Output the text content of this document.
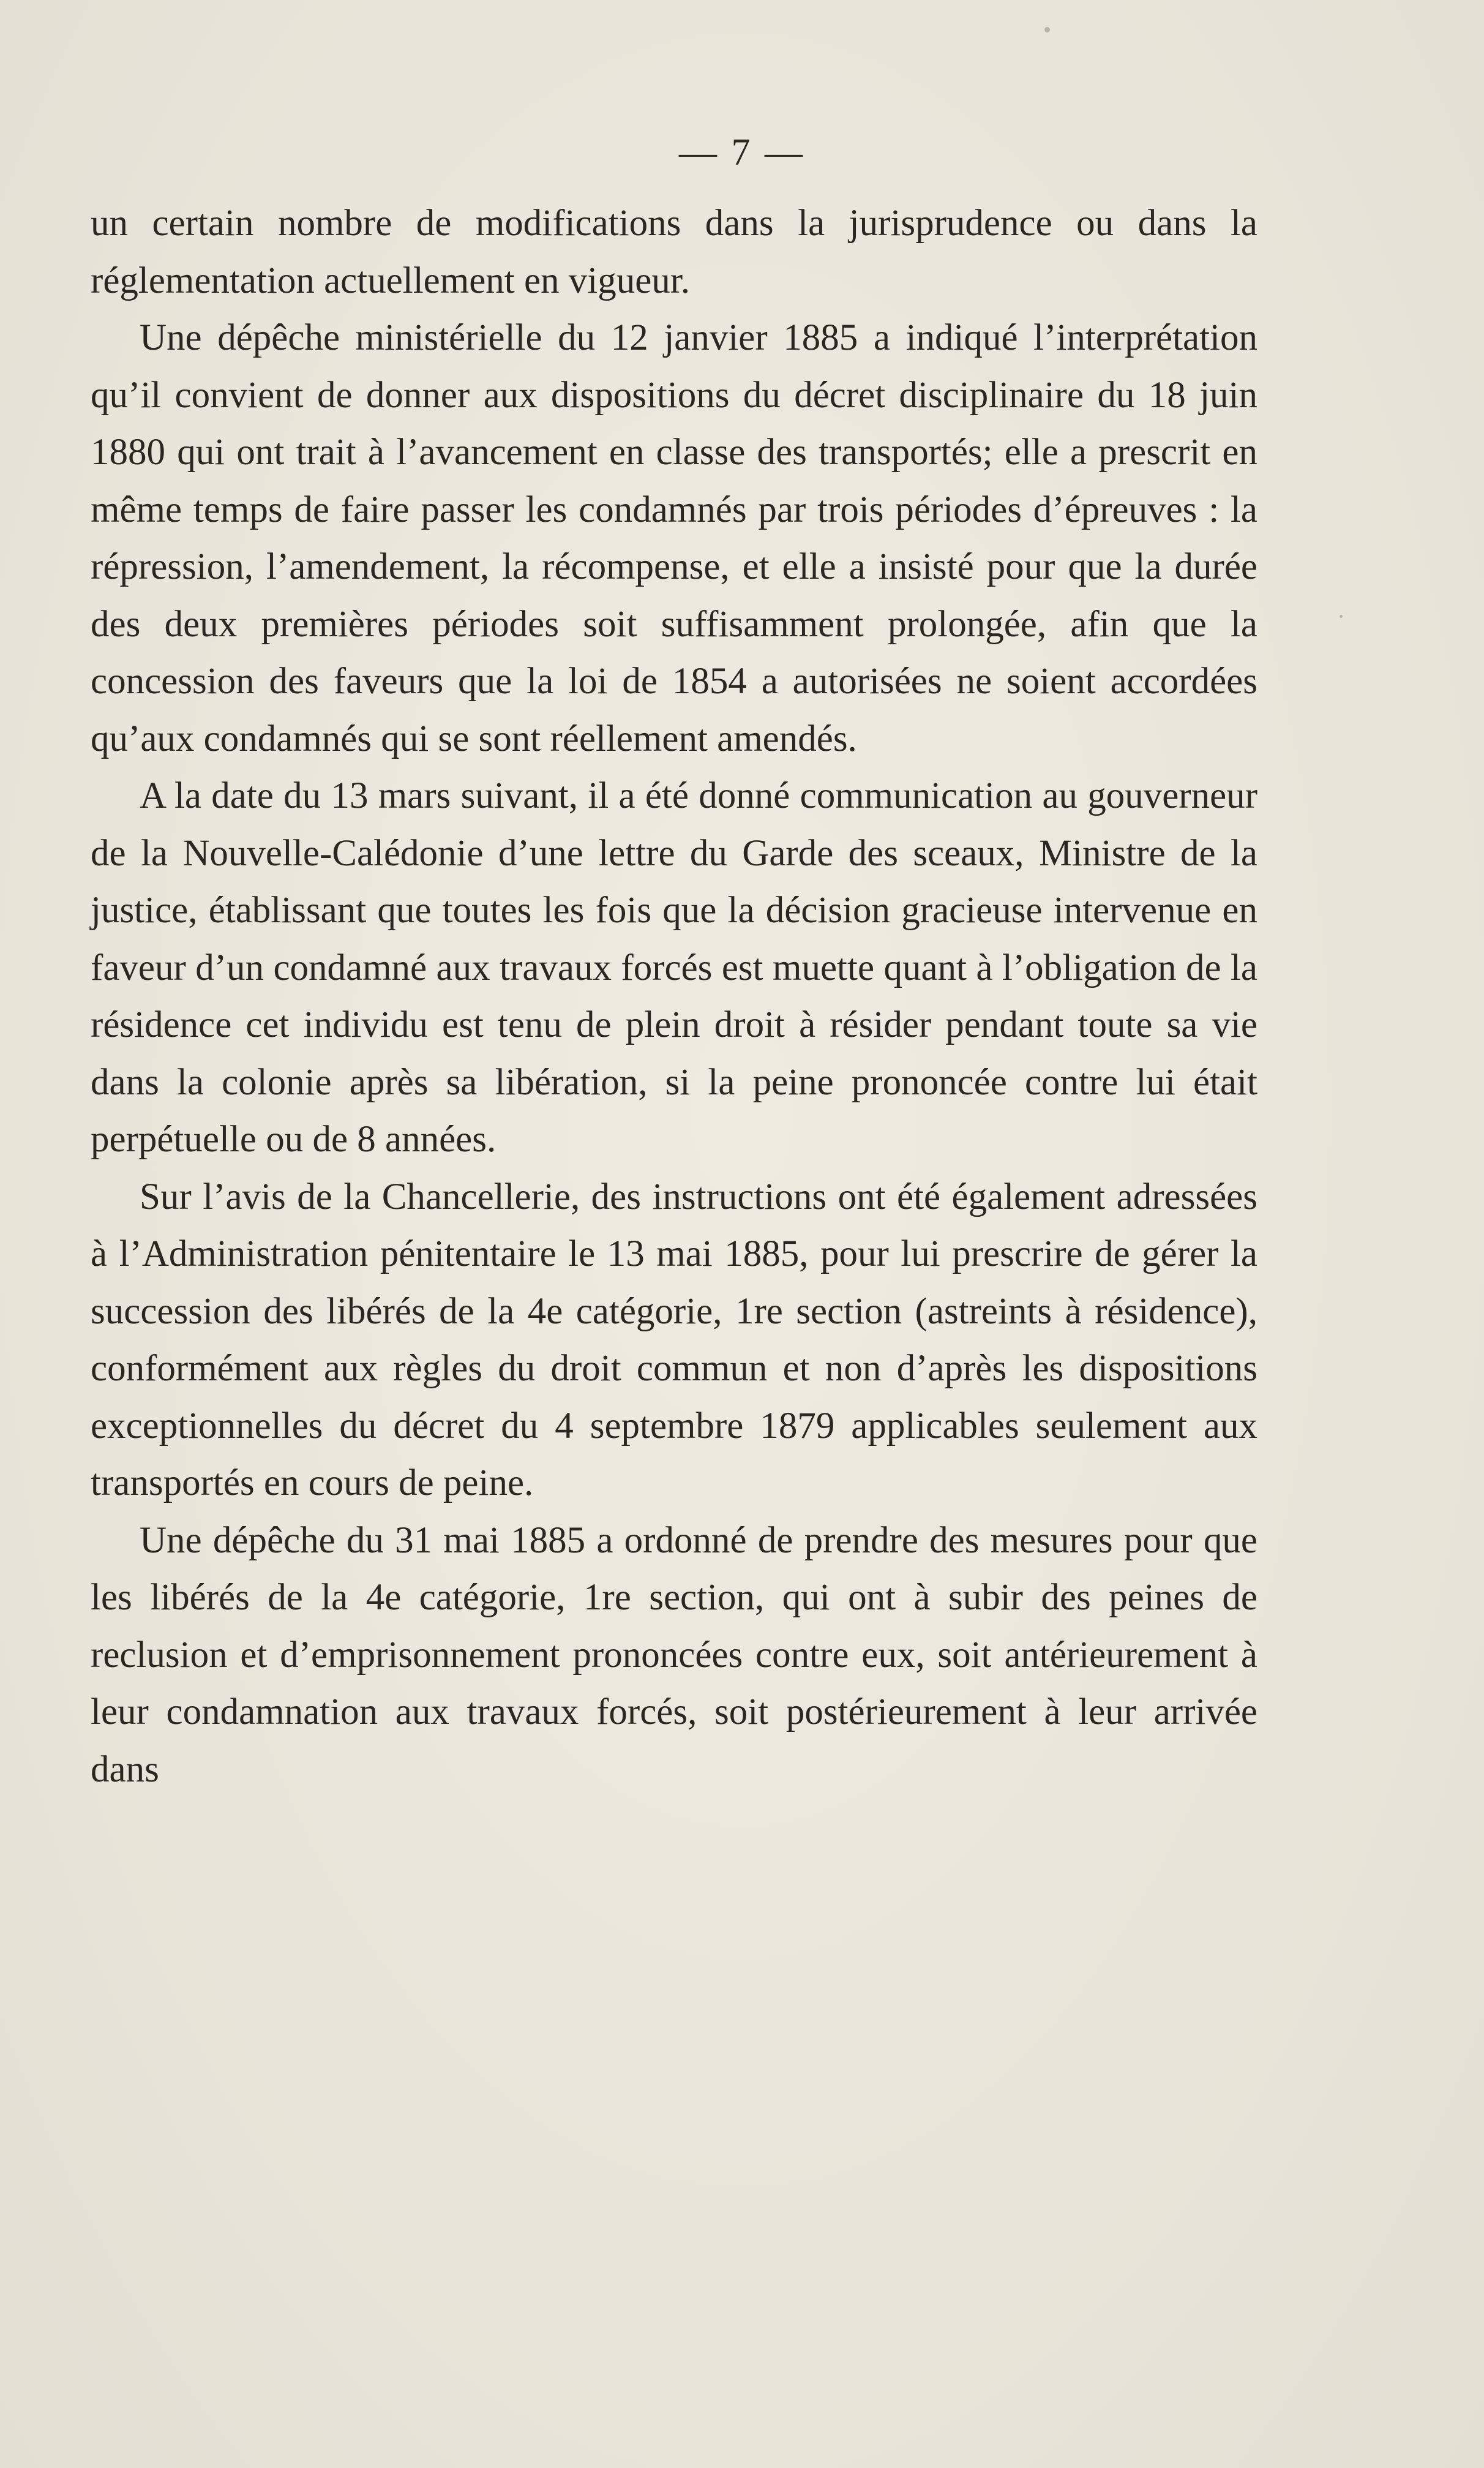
— 7 —

un certain nombre de modifications dans la jurisprudence ou dans la réglementation actuellement en vigueur.

Une dépêche ministérielle du 12 janvier 1885 a indiqué l’interprétation qu’il convient de donner aux dispositions du décret disciplinaire du 18 juin 1880 qui ont trait à l’avancement en classe des transportés; elle a prescrit en même temps de faire passer les condamnés par trois périodes d’épreuves : la répression, l’amendement, la récompense, et elle a insisté pour que la durée des deux premières périodes soit suffisamment prolongée, afin que la concession des faveurs que la loi de 1854 a autorisées ne soient accordées qu’aux condamnés qui se sont réellement amendés.

A la date du 13 mars suivant, il a été donné communication au gouverneur de la Nouvelle-Calédonie d’une lettre du Garde des sceaux, Ministre de la justice, établissant que toutes les fois que la décision gracieuse intervenue en faveur d’un condamné aux travaux forcés est muette quant à l’obligation de la résidence cet individu est tenu de plein droit à résider pendant toute sa vie dans la colonie après sa libération, si la peine prononcée contre lui était perpétuelle ou de 8 années.

Sur l’avis de la Chancellerie, des instructions ont été également adressées à l’Administration pénitentaire le 13 mai 1885, pour lui prescrire de gérer la succession des libérés de la 4e catégorie, 1re section (astreints à résidence), conformément aux règles du droit commun et non d’après les dispositions exceptionnelles du décret du 4 septembre 1879 applicables seulement aux transportés en cours de peine.

Une dépêche du 31 mai 1885 a ordonné de prendre des mesures pour que les libérés de la 4e catégorie, 1re section, qui ont à subir des peines de reclusion et d’emprisonnement prononcées contre eux, soit antérieurement à leur condamnation aux travaux forcés, soit postérieurement à leur arrivée dans
